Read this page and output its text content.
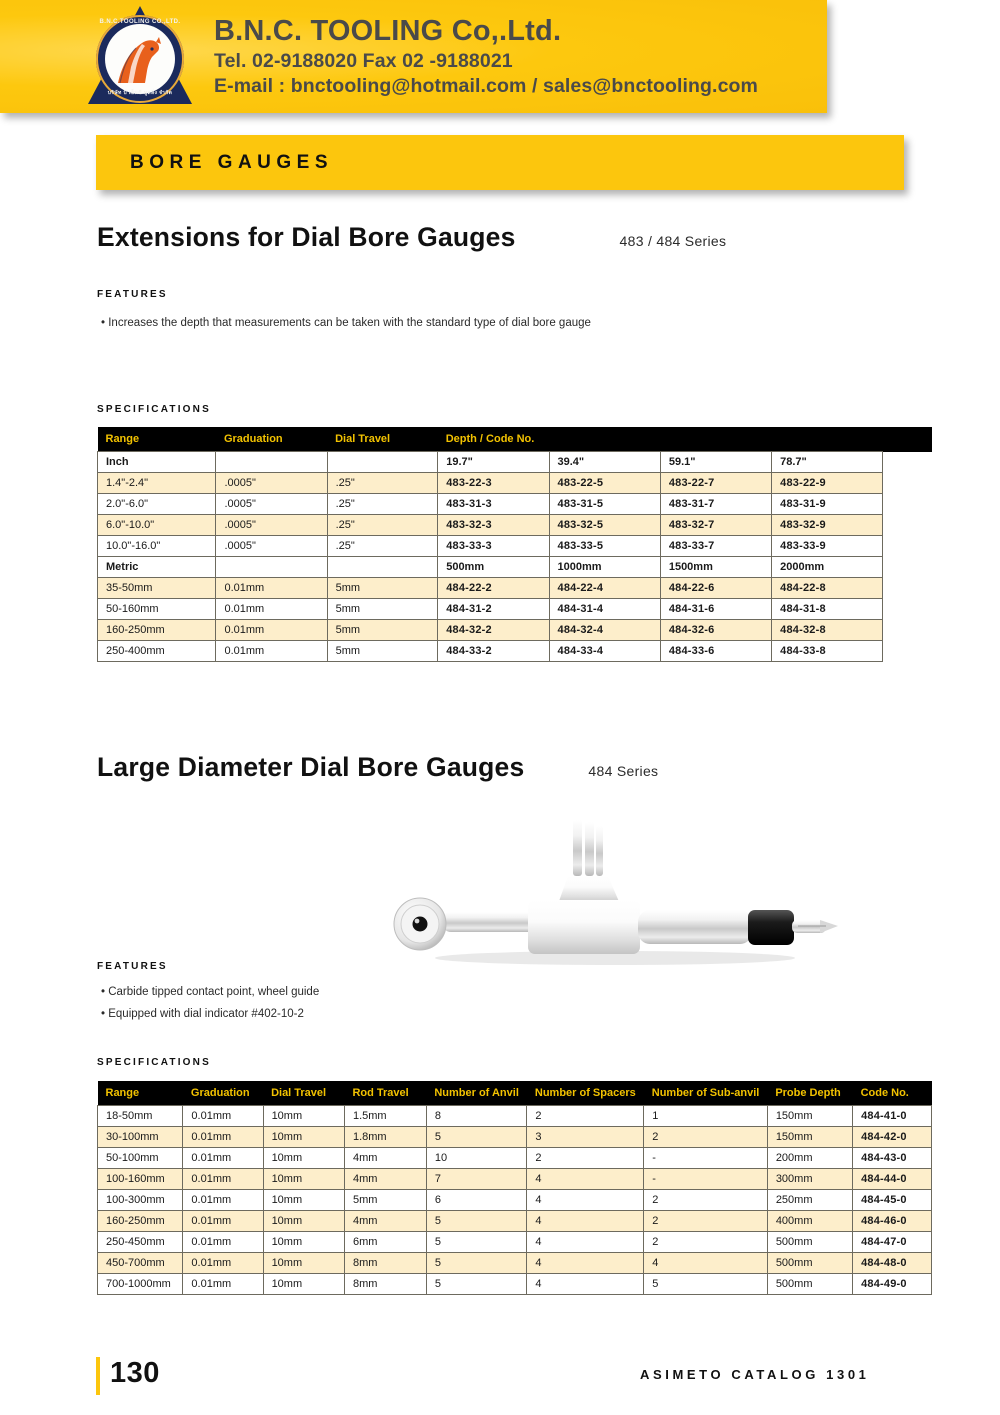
B.N.C.TOOLING CO.,LTD.
บริษัท บี เอ็นซี ทูลลิ่ง จำกัด
B.N.C. TOOLING Co,.Ltd.
Tel. 02-9188020 Fax 02 -9188021
E-mail : bnctooling@hotmail.com / sales@bnctooling.com
BORE GAUGES
Extensions for Dial Bore Gauges	483 / 484 Series
FEATURES
• Increases the depth that measurements can be taken with the standard type of dial bore gauge
SPECIFICATIONS
Range	Graduation	Dial Travel	Depth / Code No.						
Inch			19.7"	39.4"	59.1"	78.7"			
1.4"-2.4"	.0005"	.25"	483-22-3	483-22-5	483-22-7	483-22-9			
2.0"-6.0"	.0005"	.25"	483-31-3	483-31-5	483-31-7	483-31-9			
6.0"-10.0"	.0005"	.25"	483-32-3	483-32-5	483-32-7	483-32-9			
10.0"-16.0"	.0005"	.25"	483-33-3	483-33-5	483-33-7	483-33-9			
Metric			500mm	1000mm	1500mm	2000mm			
35-50mm	0.01mm	5mm	484-22-2	484-22-4	484-22-6	484-22-8			
50-160mm	0.01mm	5mm	484-31-2	484-31-4	484-31-6	484-31-8			
160-250mm	0.01mm	5mm	484-32-2	484-32-4	484-32-6	484-32-8			
250-400mm	0.01mm	5mm	484-33-2	484-33-4	484-33-6	484-33-8			
Large Diameter Dial Bore Gauges	484 Series
FEATURES
• Carbide tipped contact point, wheel guide
• Equipped with dial indicator #402-10-2
SPECIFICATIONS
Range	Graduation	Dial Travel	Rod Travel	Number of Anvil	Number of Spacers	Number of Sub-anvil	Probe Depth	Code No.
18-50mm	0.01mm	10mm	1.5mm	8	2	1	150mm	484-41-0
30-100mm	0.01mm	10mm	1.8mm	5	3	2	150mm	484-42-0
50-100mm	0.01mm	10mm	4mm	10	2	-	200mm	484-43-0
100-160mm	0.01mm	10mm	4mm	7	4	-	300mm	484-44-0
100-300mm	0.01mm	10mm	5mm	6	4	2	250mm	484-45-0
160-250mm	0.01mm	10mm	4mm	5	4	2	400mm	484-46-0
250-450mm	0.01mm	10mm	6mm	5	4	2	500mm	484-47-0
450-700mm	0.01mm	10mm	8mm	5	4	4	500mm	484-48-0
700-1000mm	0.01mm	10mm	8mm	5	4	5	500mm	484-49-0
130	ASIMETO CATALOG 1301
